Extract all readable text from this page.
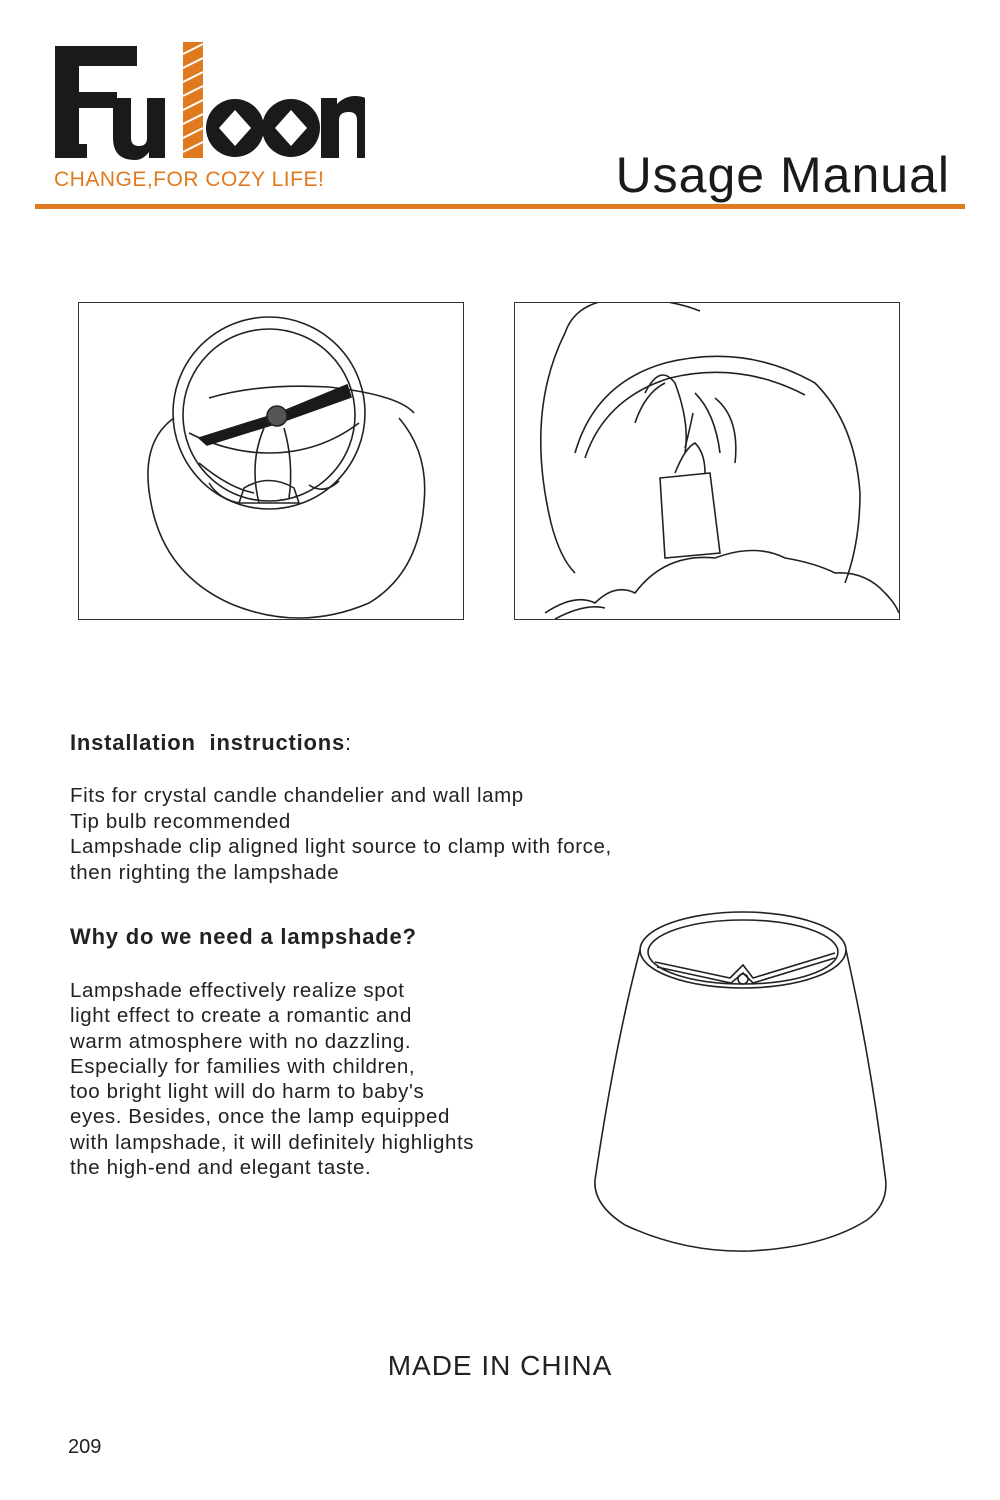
CHANGE,FOR COZY LIFE!	Usage Manual
Installation  instructions:
Fits for crystal candle chandelier and wall lamp
Tip bulb recommended
Lampshade clip aligned light source to clamp with force,
then righting the lampshade
Why do we need a lampshade?
Lampshade effectively realize spot
light effect to create a romantic and
warm atmosphere with no dazzling.
Especially for families with children,
too bright light will do harm to baby's
eyes. Besides, once the lamp equipped
with lampshade, it will definitely highlights
the high-end and elegant taste.
MADE IN CHINA
209
